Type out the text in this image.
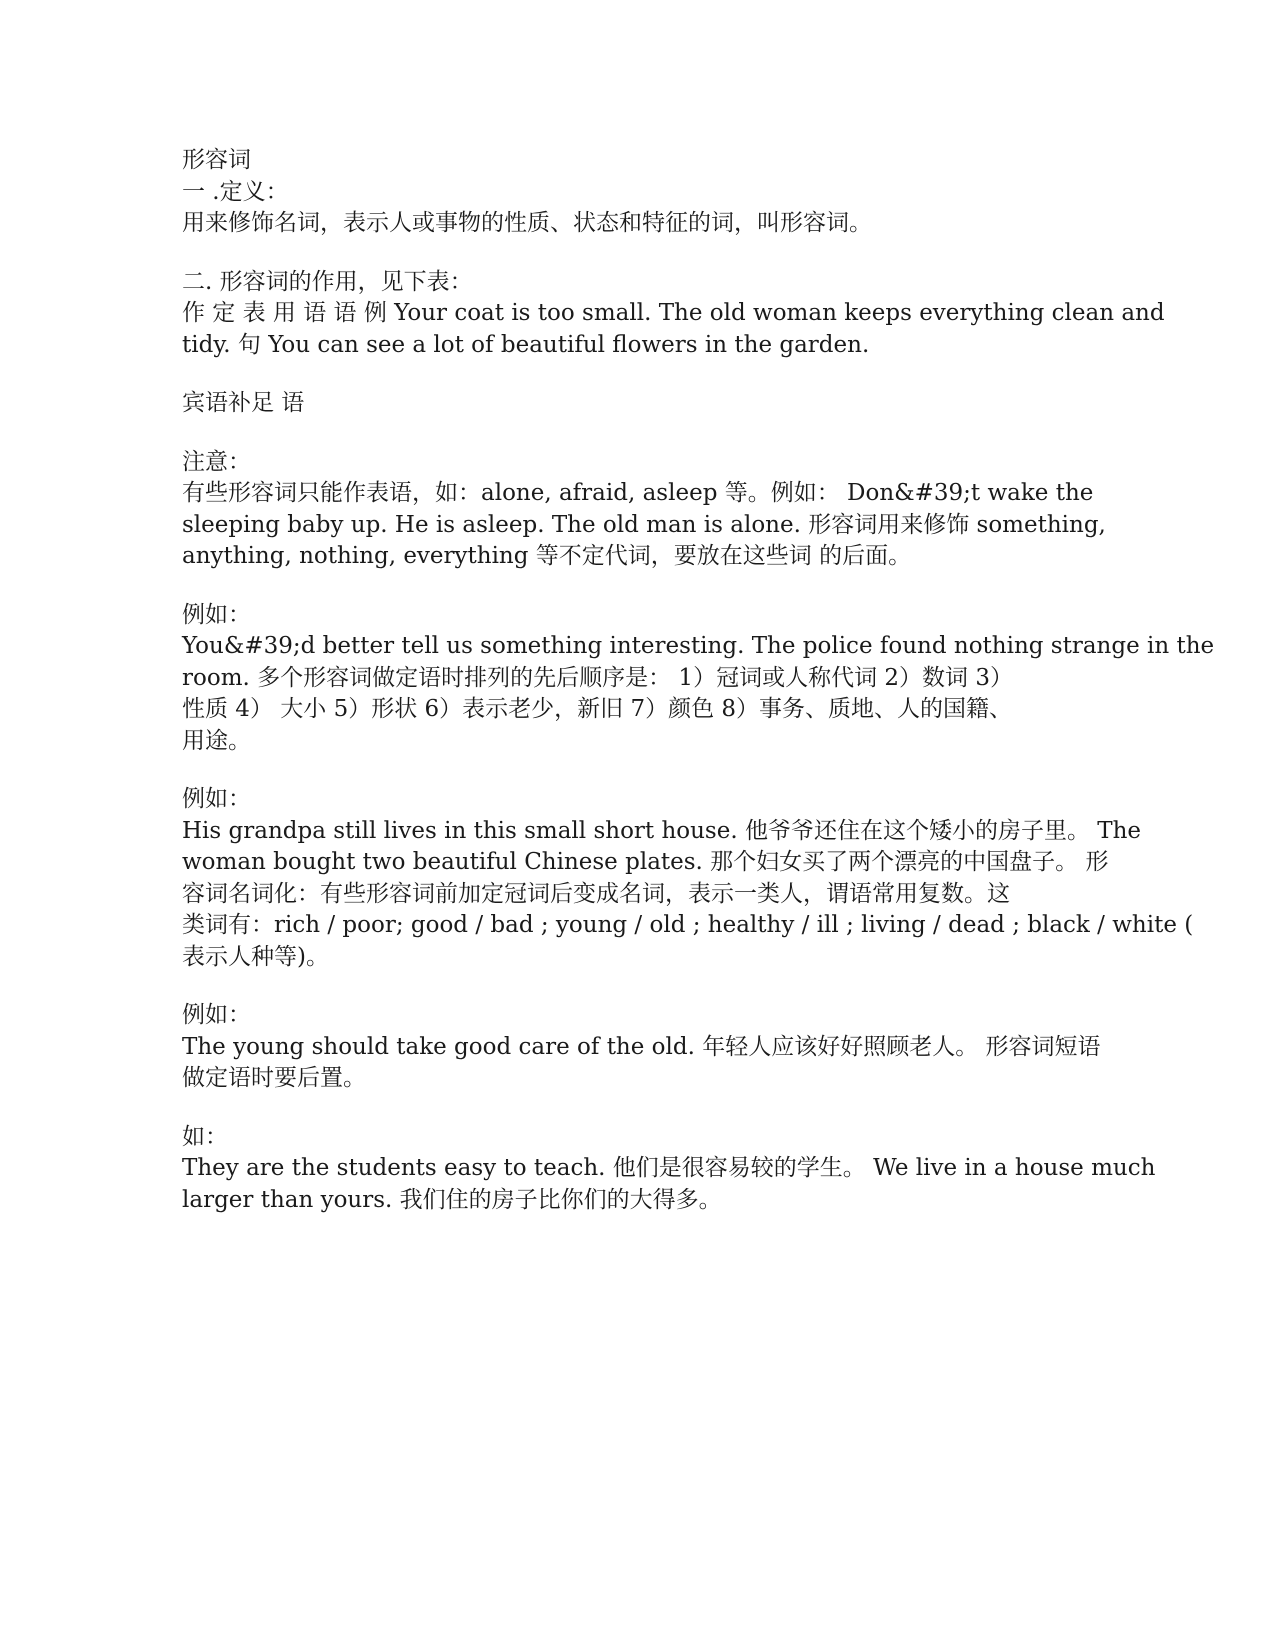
形容词
一 .定义：
用来修饰名词，表示人或事物的性质、状态和特征的词，叫形容词。
二. 形容词的作用，见下表：
作 定 表 用 语 语 例 Your coat is too small. The old woman keeps everything clean and
tidy. 句 You can see a lot of beautiful flowers in the garden.
宾语补足 语
注意：
有些形容词只能作表语，如：alone, afraid, asleep 等。例如： Don&#39;t wake the
sleeping baby up. He is asleep. The old man is alone. 形容词用来修饰 something,
anything, nothing, everything 等不定代词，要放在这些词 的后面。
例如：
You&#39;d better tell us something interesting. The police found nothing strange in the
room. 多个形容词做定语时排列的先后顺序是： 1）冠词或人称代词 2）数词 3）
性质 4） 大小 5）形状 6）表示老少，新旧 7）颜色 8）事务、质地、人的国籍、
用途。
例如：
His grandpa still lives in this small short house. 他爷爷还住在这个矮小的房子里。 The
woman bought two beautiful Chinese plates. 那个妇女买了两个漂亮的中国盘子。 形
容词名词化：有些形容词前加定冠词后变成名词，表示一类人，谓语常用复数。这
类词有：rich / poor; good / bad ; young / old ; healthy / ill ; living / dead ; black / white (
表示人种等)。
例如：
The young should take good care of the old. 年轻人应该好好照顾老人。 形容词短语
做定语时要后置。
如：
They are the students easy to teach. 他们是很容易较的学生。 We live in a house much
larger than yours. 我们住的房子比你们的大得多。
